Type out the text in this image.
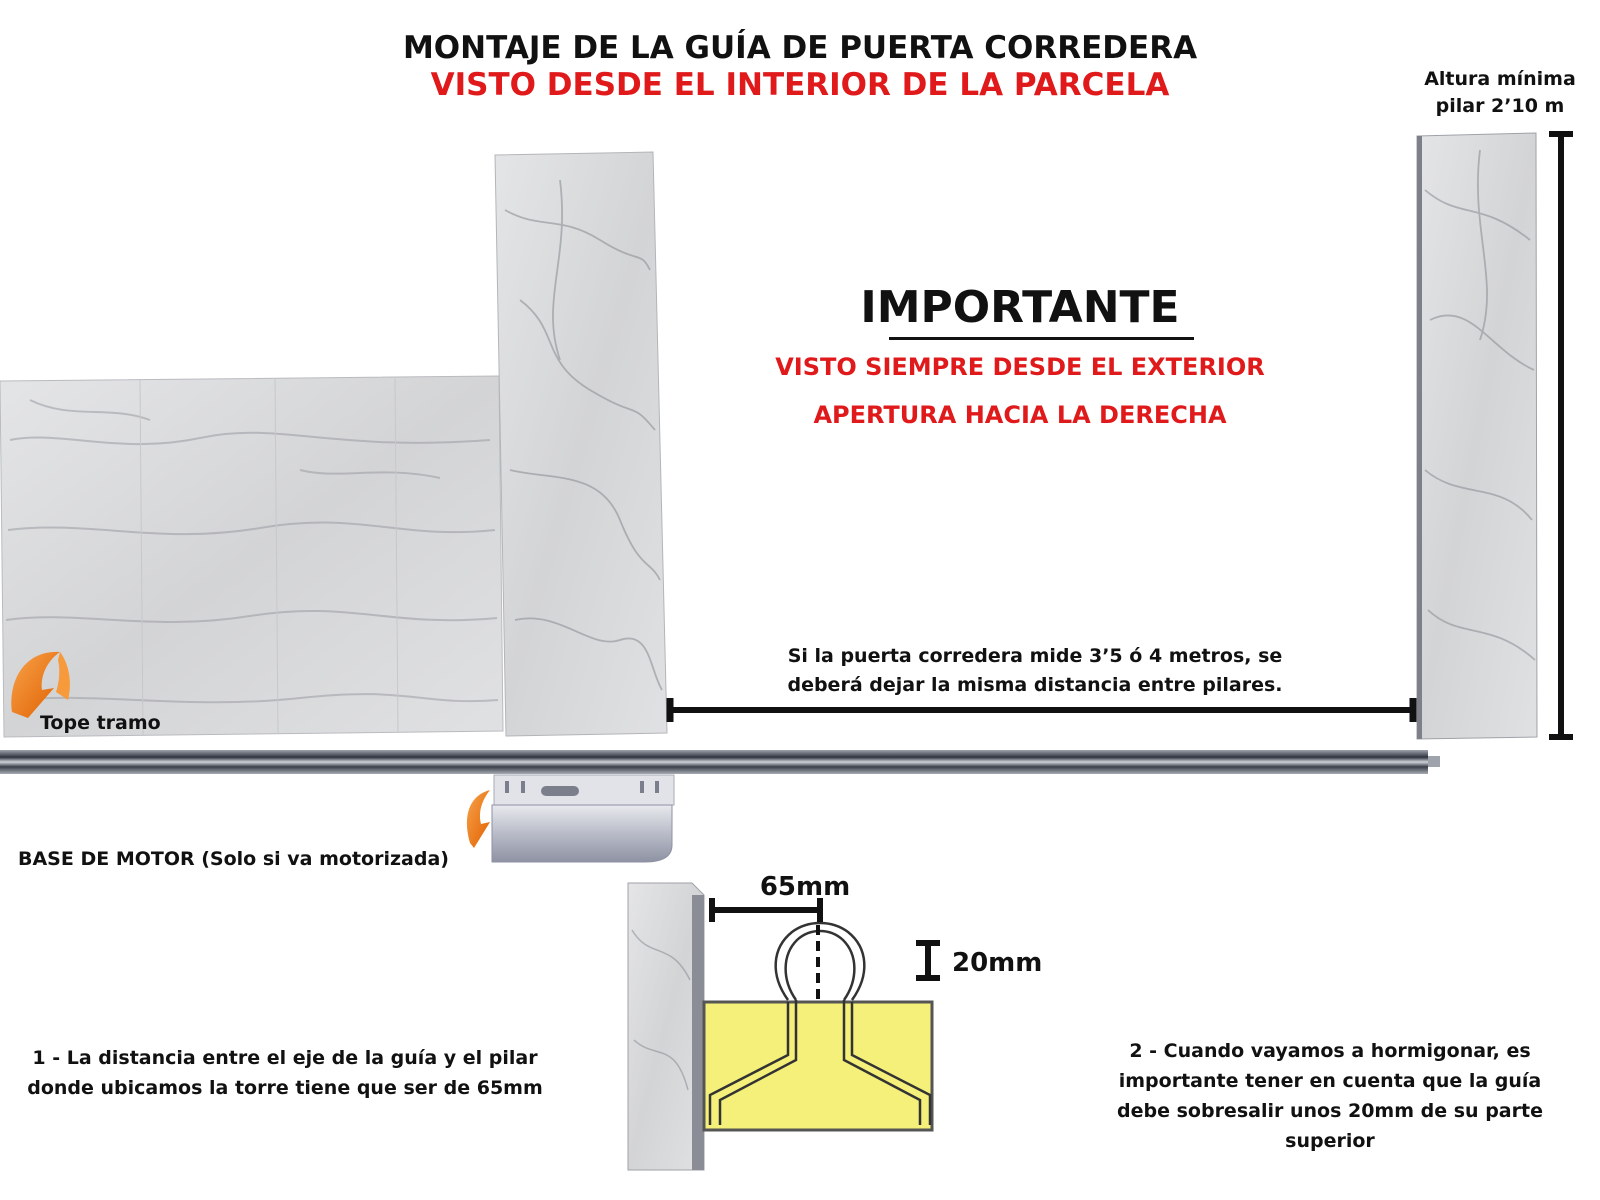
MONTAJE DE LA GUÍA DE PUERTA CORREDERA
VISTO DESDE EL INTERIOR DE LA PARCELA
IMPORTANTE
VISTO SIEMPRE DESDE EL EXTERIOR
APERTURA HACIA LA DERECHA
Altura mínima
pilar 2’10 m
Si la puerta corredera mide 3’5 ó 4 metros, se
deberá dejar la misma distancia entre pilares.
Tope tramo
BASE DE MOTOR (Solo si va motorizada)
65mm
20mm
1 - La distancia entre el eje de la guía y el pilar donde ubicamos la torre tiene que ser de 65mm
2 - Cuando vayamos a hormigonar, es importante tener en cuenta que la guía debe sobresalir unos 20mm de su parte superior
